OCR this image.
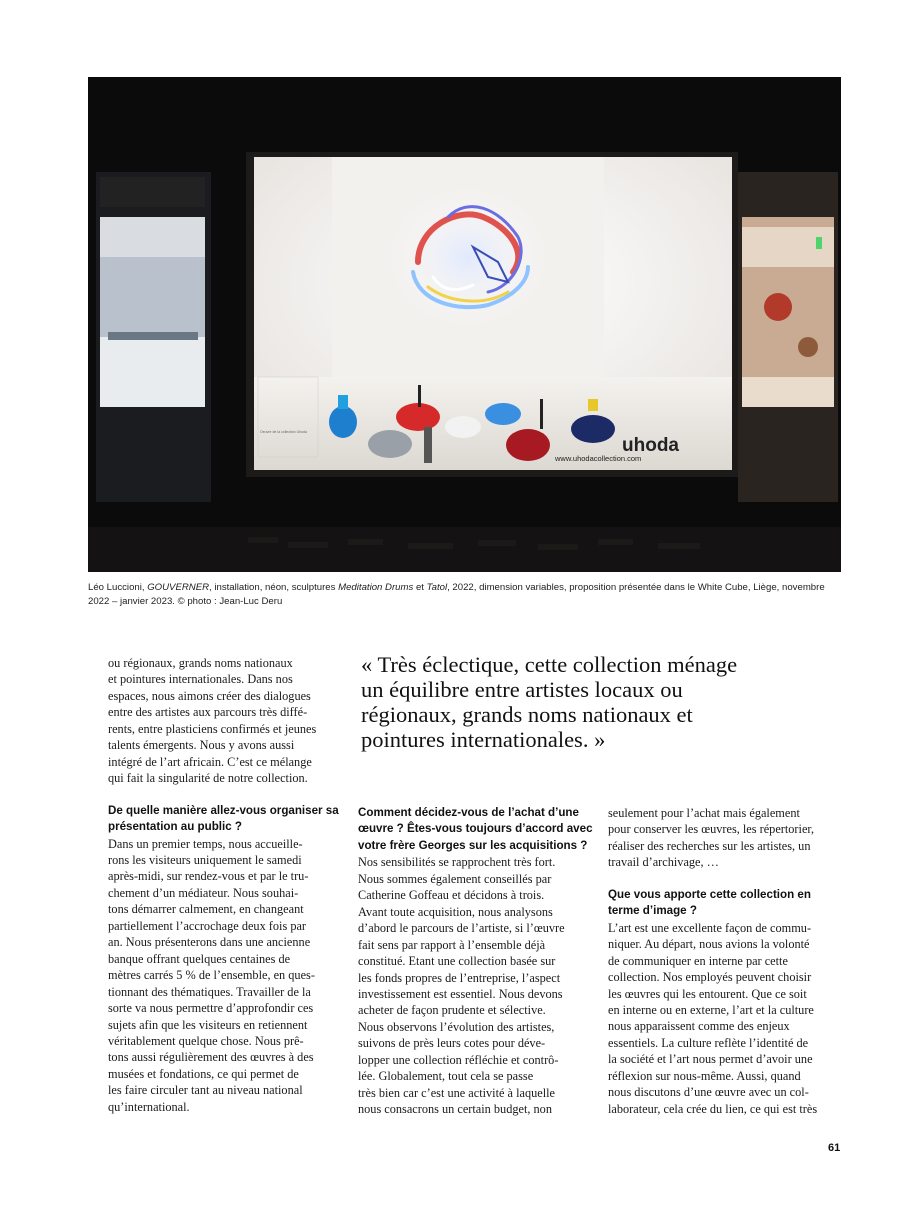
Oeuvre de la collection Uhoda
uhoda
www.uhodacollection.com
Léo Luccioni, GOUVERNER, installation, néon, sculptures Meditation Drums et Tatol, 2022, dimension variables, proposition présentée dans le White Cube, Liège, novembre 2022 – janvier 2023. © photo : Jean-Luc Deru
« Très éclectique, cette collection ménage
un équilibre entre artistes locaux ou
régionaux, grands noms nationaux et
pointures internationales. »

ou régionaux, grands noms nationaux
et pointures internationales. Dans nos
espaces, nous aimons créer des dialogues
entre des artistes aux parcours très diffé-
rents, entre plasticiens confirmés et jeunes
talents émergents. Nous y avons aussi
intégré de l’art africain. C’est ce mélange
qui fait la singularité de notre collection.

De quelle manière allez-vous organiser sa
présentation au public ?

Dans un premier temps, nous accueille-
rons les visiteurs uniquement le samedi
après-midi, sur rendez-vous et par le tru-
chement d’un médiateur. Nous souhai-
tons démarrer calmement, en changeant
partiellement l’accrochage deux fois par
an. Nous présenterons dans une ancienne
banque offrant quelques centaines de
mètres carrés 5 % de l’ensemble, en ques-
tionnant des thématiques. Travailler de la
sorte va nous permettre d’approfondir ces
sujets afin que les visiteurs en retiennent
véritablement quelque chose. Nous prê-
tons aussi régulièrement des œuvres à des
musées et fondations, ce qui permet de
les faire circuler tant au niveau national
qu’international.

Comment décidez-vous de l’achat d’une
œuvre ? Êtes-vous toujours d’accord avec
votre frère Georges sur les acquisitions ?

Nos sensibilités se rapprochent très fort.
Nous sommes également conseillés par
Catherine Goffeau et décidons à trois.
Avant toute acquisition, nous analysons
d’abord le parcours de l’artiste, si l’œuvre
fait sens par rapport à l’ensemble déjà
constitué. Etant une collection basée sur
les fonds propres de l’entreprise, l’aspect
investissement est essentiel. Nous devons
acheter de façon prudente et sélective.
Nous observons l’évolution des artistes,
suivons de près leurs cotes pour déve-
lopper une collection réfléchie et contrô-
lée. Globalement, tout cela se passe
très bien car c’est une activité à laquelle
nous consacrons un certain budget, non

seulement pour l’achat mais également
pour conserver les œuvres, les répertorier,
réaliser des recherches sur les artistes, un
travail d’archivage, …

Que vous apporte cette collection en
terme d’image ?

L’art est une excellente façon de commu-
niquer. Au départ, nous avions la volonté
de communiquer en interne par cette
collection. Nos employés peuvent choisir
les œuvres qui les entourent. Que ce soit
en interne ou en externe, l’art et la culture
nous apparaissent comme des enjeux
essentiels. La culture reflète l’identité de
la société et l’art nous permet d’avoir une
réflexion sur nous-même. Aussi, quand
nous discutons d’une œuvre avec un col-
laborateur, cela crée du lien, ce qui est très

61
